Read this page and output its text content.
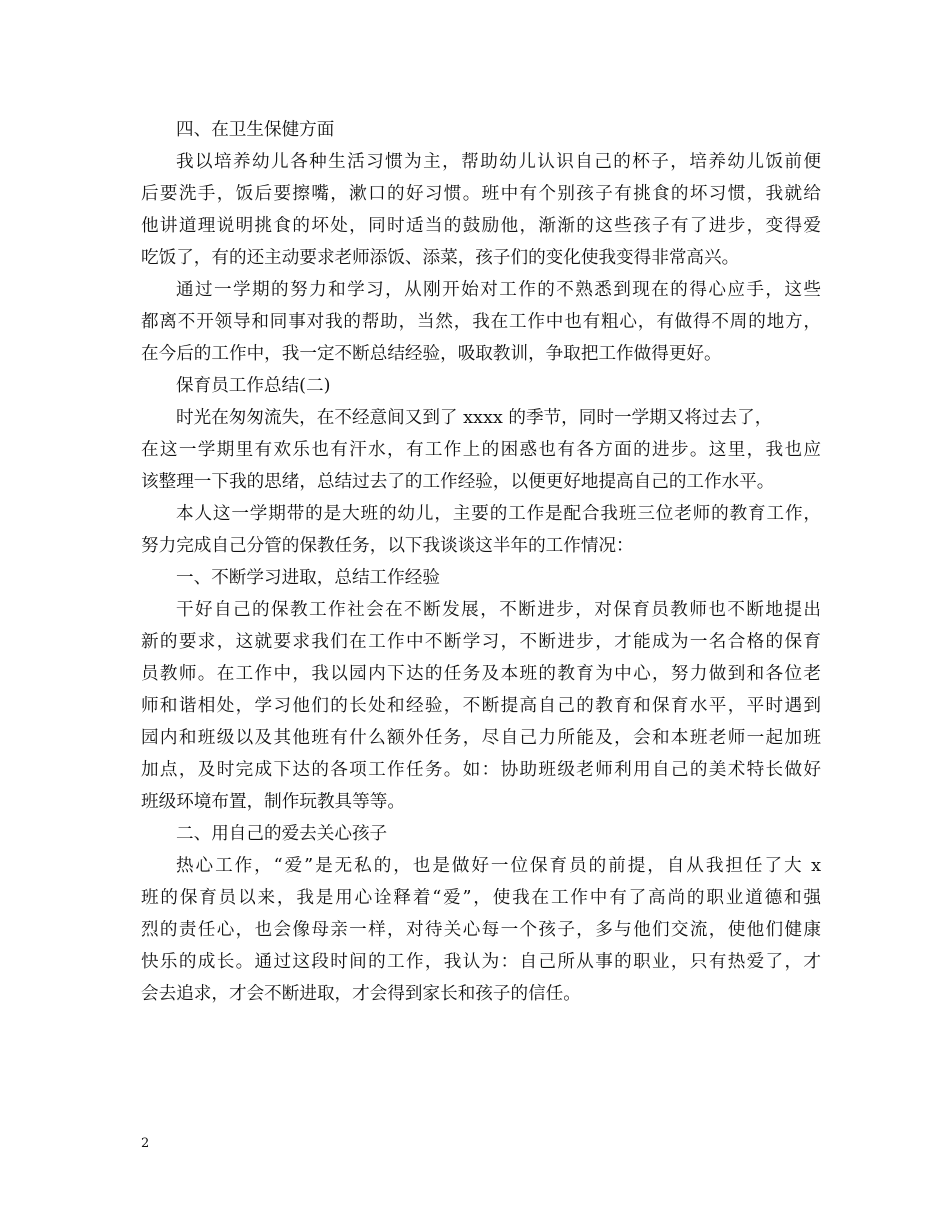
四、在卫生保健方面
我以培养幼儿各种生活习惯为主，帮助幼儿认识自己的杯子，培养幼儿饭前便
后要洗手，饭后要擦嘴，漱口的好习惯。班中有个别孩子有挑食的坏习惯，我就给
他讲道理说明挑食的坏处，同时适当的鼓励他，渐渐的这些孩子有了进步，变得爱
吃饭了，有的还主动要求老师添饭、添菜，孩子们的变化使我变得非常高兴。
通过一学期的努力和学习，从刚开始对工作的不熟悉到现在的得心应手，这些
都离不开领导和同事对我的帮助，当然，我在工作中也有粗心，有做得不周的地方，
在今后的工作中，我一定不断总结经验，吸取教训，争取把工作做得更好。
保育员工作总结(二)
时光在匆匆流失，在不经意间又到了 xxxx 的季节，同时一学期又将过去了，
在这一学期里有欢乐也有汗水，有工作上的困惑也有各方面的进步。这里，我也应
该整理一下我的思绪，总结过去了的工作经验，以便更好地提高自己的工作水平。
本人这一学期带的是大班的幼儿，主要的工作是配合我班三位老师的教育工作，
努力完成自己分管的保教任务，以下我谈谈这半年的工作情况：
一、不断学习进取，总结工作经验
干好自己的保教工作社会在不断发展，不断进步，对保育员教师也不断地提出
新的要求，这就要求我们在工作中不断学习，不断进步，才能成为一名合格的保育
员教师。在工作中，我以园内下达的任务及本班的教育为中心，努力做到和各位老
师和谐相处，学习他们的长处和经验，不断提高自己的教育和保育水平，平时遇到
园内和班级以及其他班有什么额外任务，尽自己力所能及，会和本班老师一起加班
加点，及时完成下达的各项工作任务。如：协助班级老师利用自己的美术特长做好
班级环境布置，制作玩教具等等。
二、用自己的爱去关心孩子
热心工作，“爱”是无私的，也是做好一位保育员的前提，自从我担任了大 x
班的保育员以来，我是用心诠释着“爱”，使我在工作中有了高尚的职业道德和强
烈的责任心，也会像母亲一样，对待关心每一个孩子，多与他们交流，使他们健康
快乐的成长。通过这段时间的工作，我认为：自己所从事的职业，只有热爱了，才
会去追求，才会不断进取，才会得到家长和孩子的信任。
2
